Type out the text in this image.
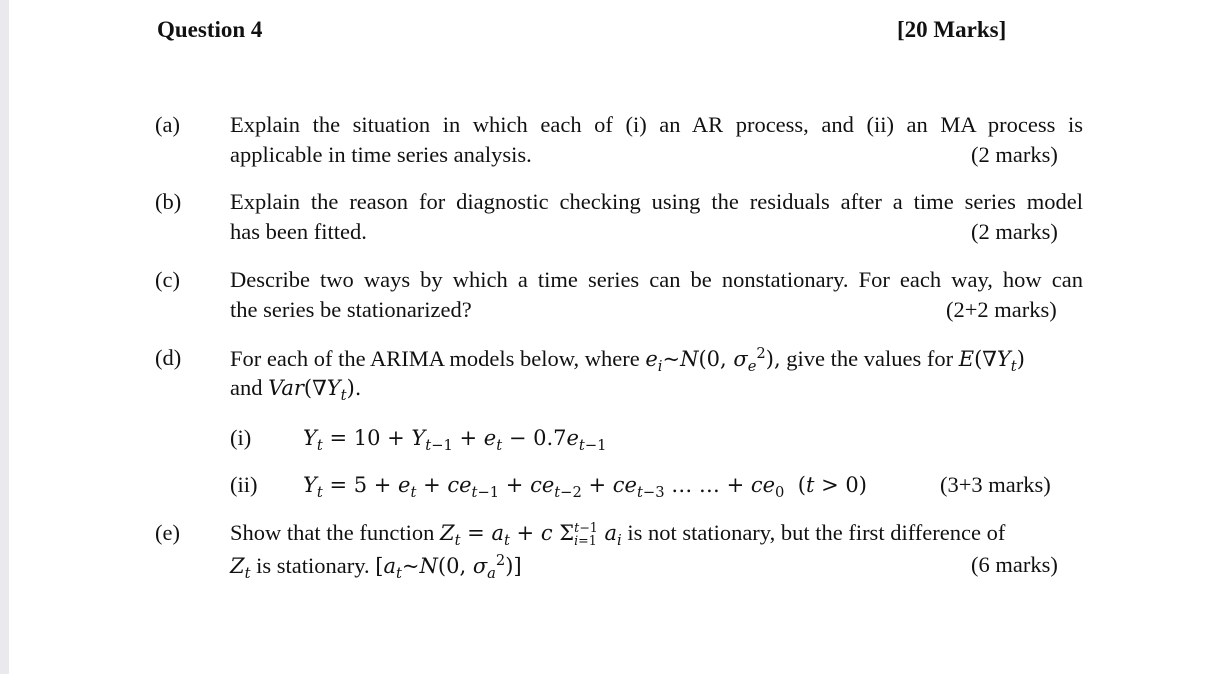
Question 4	[20 Marks]
(a) Explain the situation in which each of (i) an AR process, and (ii) an MA process is
applicable in time series analysis.	(2 marks)
(b) Explain the reason for diagnostic checking using the residuals after a time series model
has been fitted.	(2 marks)
(c) Describe two ways by which a time series can be nonstationary. For each way, how can
the series be stationarized?	(2+2 marks)
(d) For each of the ARIMA models below, where $e_i\sim N(0$, $\sigma_e^2$), give the values for $E(\nabla Y_t)$
and $Var(\nabla Y_t)$.
(i) $Y_t = 10 + Y_{t-1} + e_t - 0.7e_{t-1}$
(ii) $Y_t = 5 + e_t + ce_{t-1} + ce_{t-2} + ce_{t-3}$ … … + $ce_0$  (t > 0)	(3+3 marks)
(e) Show that the function $Z_t = a_t + c$ Σ t−1
i=1 $a_i$ is not stationary, but the first difference of
$Z_t$ is stationary. [$a_t\sim N(0$, $\sigma_a^2$)]	(6 marks)
